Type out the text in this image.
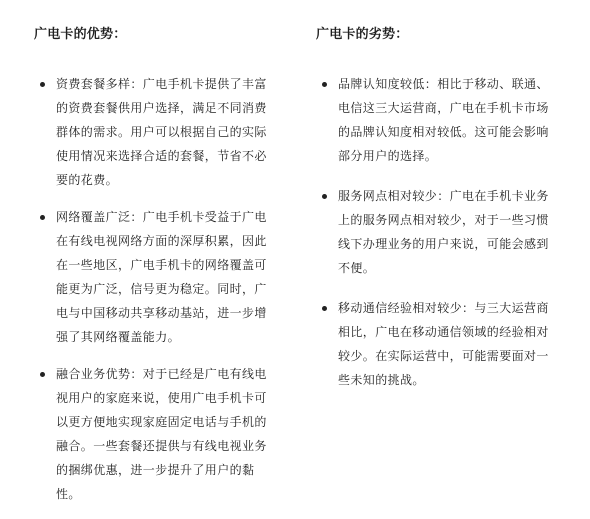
广电卡的优势：
资费套餐多样：广电手机卡提供了丰富的资费套餐供用户选择，满足不同消费群体的需求。用户可以根据自己的实际使用情况来选择合适的套餐，节省不必要的花费。
网络覆盖广泛：广电手机卡受益于广电在有线电视网络方面的深厚积累，因此在一些地区，广电手机卡的网络覆盖可能更为广泛，信号更为稳定。同时，广电与中国移动共享移动基站，进一步增强了其网络覆盖能力。
融合业务优势：对于已经是广电有线电视用户的家庭来说，使用广电手机卡可以更方便地实现家庭固定电话与手机的融合。一些套餐还提供与有线电视业务的捆绑优惠，进一步提升了用户的黏性。
广电卡的劣势：
品牌认知度较低：相比于移动、联通、电信这三大运营商，广电在手机卡市场的品牌认知度相对较低。这可能会影响部分用户的选择。
服务网点相对较少：广电在手机卡业务上的服务网点相对较少，对于一些习惯线下办理业务的用户来说，可能会感到不便。
移动通信经验相对较少：与三大运营商相比，广电在移动通信领域的经验相对较少。在实际运营中，可能需要面对一些未知的挑战。
